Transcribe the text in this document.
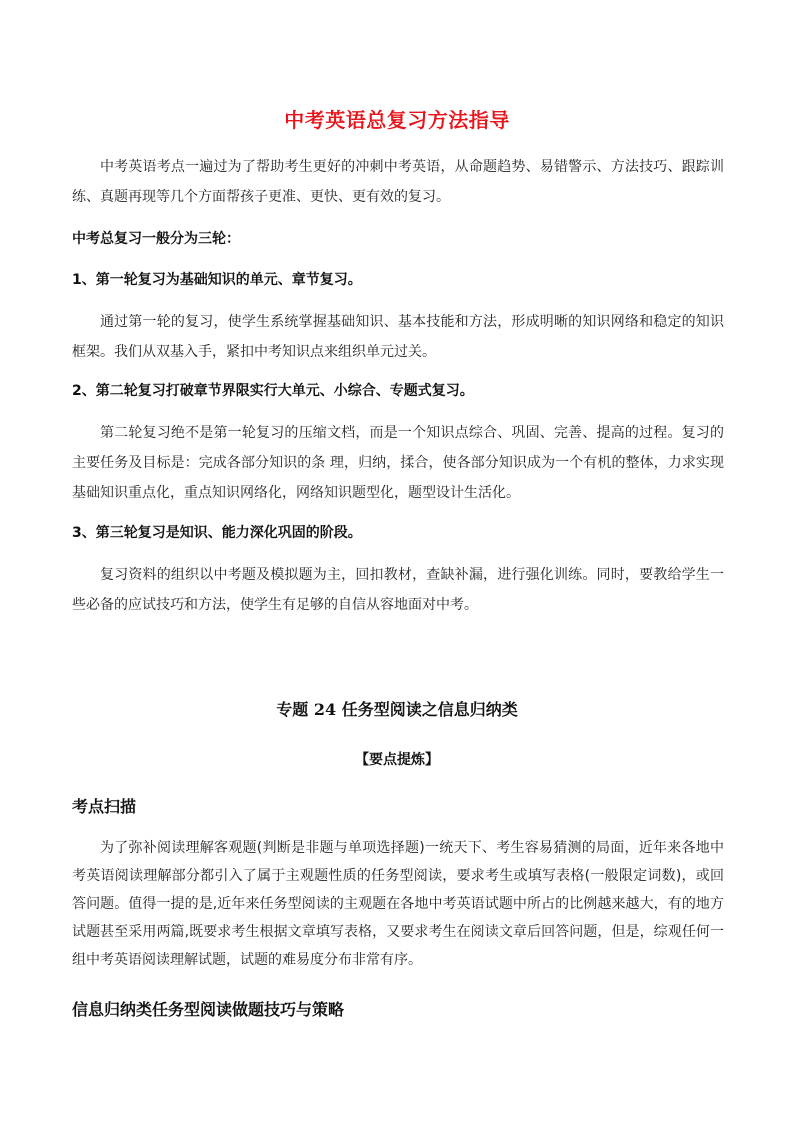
中考英语总复习方法指导

中考英语考点一遍过为了帮助考生更好的冲刺中考英语，从命题趋势、易错警示、方法技巧、跟踪训练、真题再现等几个方面帮孩子更准、更快、更有效的复习。

中考总复习一般分为三轮：

1、第一轮复习为基础知识的单元、章节复习。

通过第一轮的复习，使学生系统掌握基础知识、基本技能和方法，形成明晰的知识网络和稳定的知识框架。我们从双基入手，紧扣中考知识点来组织单元过关。

2、第二轮复习打破章节界限实行大单元、小综合、专题式复习。

第二轮复习绝不是第一轮复习的压缩文档，而是一个知识点综合、巩固、完善、提高的过程。复习的主要任务及目标是：完成各部分知识的条 理，归纳，揉合，使各部分知识成为一个有机的整体，力求实现基础知识重点化，重点知识网络化，网络知识题型化，题型设计生活化。

3、第三轮复习是知识、能力深化巩固的阶段。

复习资料的组织以中考题及模拟题为主，回扣教材，查缺补漏，进行强化训练。同时，要教给学生一些必备的应试技巧和方法，使学生有足够的自信从容地面对中考。

专题 24 任务型阅读之信息归纳类

【要点提炼】

考点扫描

为了弥补阅读理解客观题(判断是非题与单项选择题)一统天下、考生容易猜测的局面，近年来各地中考英语阅读理解部分都引入了属于主观题性质的任务型阅读，要求考生或填写表格(一般限定词数)，或回答问题。值得一提的是,近年来任务型阅读的主观题在各地中考英语试题中所占的比例越来越大，有的地方试题甚至采用两篇,既要求考生根据文章填写表格，又要求考生在阅读文章后回答问题，但是，综观任何一组中考英语阅读理解试题，试题的难易度分布非常有序。

信息归纳类任务型阅读做题技巧与策略
